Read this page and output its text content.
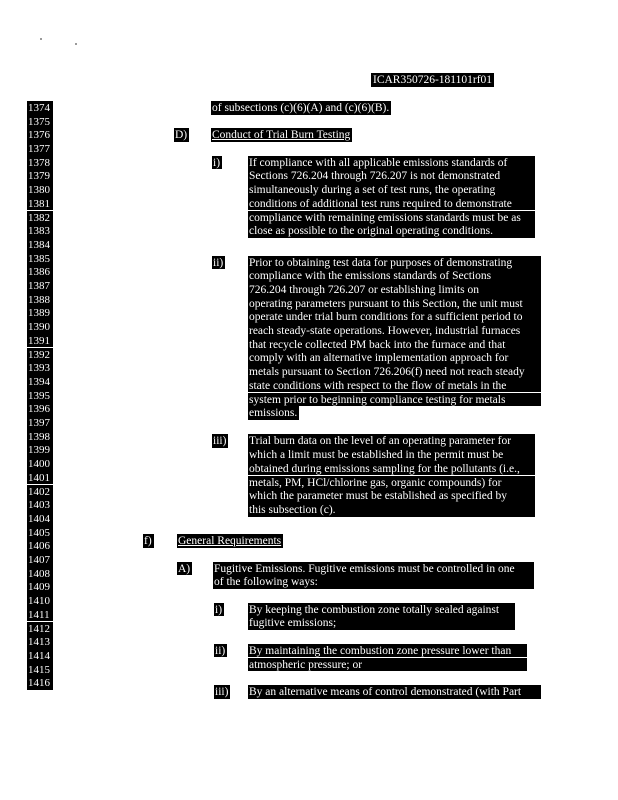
ICAR350726-181101rf01
1374
1375
1376
1377
1378
1379
1380
1381
1382
1383
1384
1385
1386
1387
1388
1389
1390
1391
1392
1393
1394
1395
1396
1397
1398
1399
1400
1401
1402
1403
1404
1405
1406
1407
1408
1409
1410
1411
1412
1413
1414
1415
1416
D)
i)
ii)
iii)
f)
A)
i)
ii)
iii)
of subsections (c)(6)(A) and (c)(6)(B).
Conduct of Trial Burn Testing
If compliance with all applicable emissions standards of
Sections 726.204 through 726.207 is not demonstrated
simultaneously during a set of test runs, the operating
conditions of additional test runs required to demonstrate
compliance with remaining emissions standards must be as
close as possible to the original operating conditions.
Prior to obtaining test data for purposes of demonstrating
compliance with the emissions standards of Sections
726.204 through 726.207 or establishing limits on
operating parameters pursuant to this Section, the unit must
operate under trial burn conditions for a sufficient period to
reach steady-state operations. However, industrial furnaces
that recycle collected PM back into the furnace and that
comply with an alternative implementation approach for
metals pursuant to Section 726.206(f) need not reach steady
state conditions with respect to the flow of metals in the
system prior to beginning compliance testing for metals
emissions.
Trial burn data on the level of an operating parameter for
which a limit must be established in the permit must be
obtained during emissions sampling for the pollutants (i.e.,
metals, PM, HCl/chlorine gas, organic compounds) for
which the parameter must be established as specified by
this subsection (c).
General Requirements
Fugitive Emissions. Fugitive emissions must be controlled in one
of the following ways:
By keeping the combustion zone totally sealed against
fugitive emissions;
By maintaining the combustion zone pressure lower than
atmospheric pressure; or
By an alternative means of control demonstrated (with Part
